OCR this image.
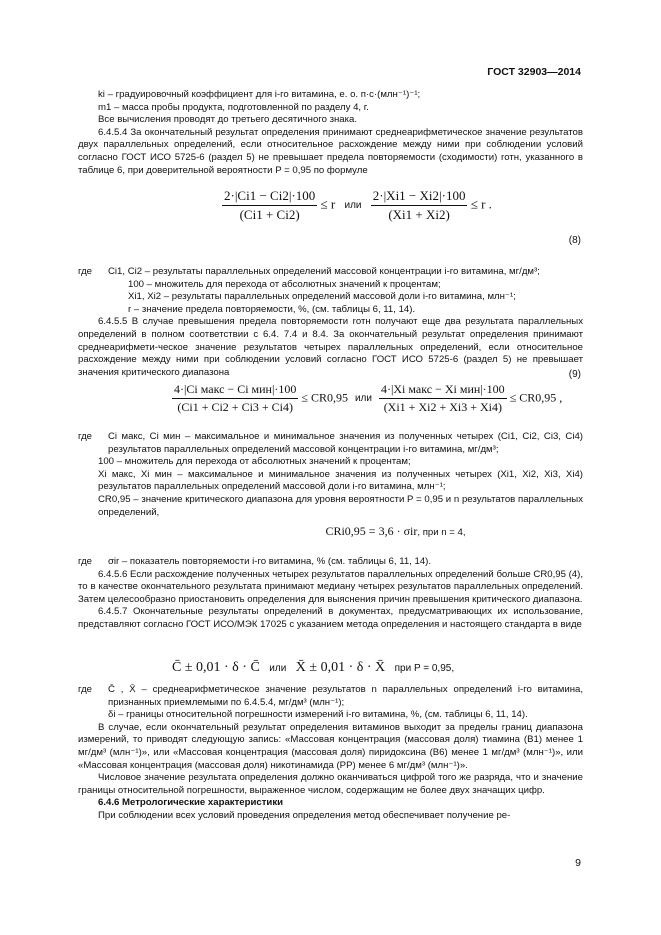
ГОСТ 32903—2014

ki – градуировочный коэффициент для i-го витамина, е. о. п·с·(млн⁻¹)⁻¹;

m1 – масса пробы продукта, подготовленной по разделу 4, г.

Все вычисления проводят до третьего десятичного знака.

6.4.5.4 За окончательный результат определения принимают среднеарифметическое значение результатов двух параллельных определений, если относительное расхождение между ними при соблюдении условий согласно ГОСТ ИСО 5725-6 (раздел 5) не превышает предела повторяемости (сходимости) rотн, указанного в таблице 6, при доверительной вероятности P = 0,95 по формуле

$\frac{2\cdot|Ci1 - Ci2|\cdot 100}{(Ci1 + Ci2)} \le r$ или $\frac{2\cdot|Xi1 - Xi2|\cdot 100}{(Xi1 + Xi2)} \le r$ .
(8)
где	Ci1, Ci2 – результаты параллельных определений массовой концентрации i-го витамина, мг/дм³;

100 – множитель для перехода от абсолютных значений к процентам;

Xi1, Xi2 – результаты параллельных определений массовой доли i-го витамина, млн⁻¹;

r – значение предела повторяемости, %, (см. таблицы 6, 11, 14).

6.4.5.5 В случае превышения предела повторяемости rотн получают еще два результата параллельных определений в полном соответствии с 6.4. 7.4 и 8.4. За окончательный результат определения принимают среднеарифмети-ческое значение результатов четырех параллельных определений, если относительное расхождение между ними при соблюдении условий согласно ГОСТ ИСО 5725-6 (раздел 5) не превышает значения критического диапазона

$\frac{\text{4·|Ci макс − Ci мин|·100}}{(Ci1 + Ci2 + Ci3 + Ci4)} \le CR0,95$ или $\frac{\text{4·|Xi макс − Xi мин|·100}}{(Xi1 + Xi2 + Xi3 + Xi4)} \le CR0,95$ ,
(9)
где	Ci макс, Ci мин – максимальное и минимальное значения из полученных четырех (Ci1, Ci2, Ci3, Ci4) результатов параллельных определений массовой концентрации i-го витамина, мг/дм³;

100 – множитель для перехода от абсолютных значений к процентам;

Xi макс, Xi мин – максимальное и минимальное значения из полученных четырех (Xi1, Xi2, Xi3, Xi4) результатов параллельных определений массовой доли i-го витамина, млн⁻¹;

CR0,95 – значение критического диапазона для уровня вероятности P = 0,95 и n результатов параллельных определений,

CRi0,95 = 3,6 · σir, при n = 4,

где	σir – показатель повторяемости i-го витамина, % (см. таблицы 6, 11, 14).

6.4.5.6 Если расхождение полученных четырех результатов параллельных определений больше CR0,95 (4), то в качестве окончательного результата принимают медиану четырех результатов параллельных определений. Затем целесообразно приостановить определения для выяснения причин превышения критического диапазона.

6.4.5.7 Окончательные результаты определений в документах, предусматривающих их использование, представляют согласно ГОСТ ИСО/МЭК 17025 с указанием метода определения и настоящего стандарта в виде

C̄ ± 0,01 · δ · C̄ или X̄ ± 0,01 · δ · X̄ при P = 0,95,
где	C̄ , X̄ – среднеарифметическое значение результатов n параллельных определений i-го витамина, признанных приемлемыми по 6.4.5.4, мг/дм³ (млн⁻¹);

δi – границы относительной погрешности измерений i-го витамина, %, (см. таблицы 6, 11, 14).

В случае, если окончательный результат определения витаминов выходит за пределы границ диапазона измерений, то приводят следующую запись: «Массовая концентрация (массовая доля) тиамина (B1) менее 1 мг/дм³ (млн⁻¹)», или «Массовая концентрация (массовая доля) пиридоксина (B6) менее 1 мг/дм³ (млн⁻¹)», или «Массовая концентрация (массовая доля) никотинамида (PP) менее 6 мг/дм³ (млн⁻¹)».

Числовое значение результата определения должно оканчиваться цифрой того же разряда, что и значение границы относительной погрешности, выраженное числом, содержащим не более двух значащих цифр.

6.4.6 Метрологические характеристики

При соблюдении всех условий проведения определения метод обеспечивает получение ре-

9
